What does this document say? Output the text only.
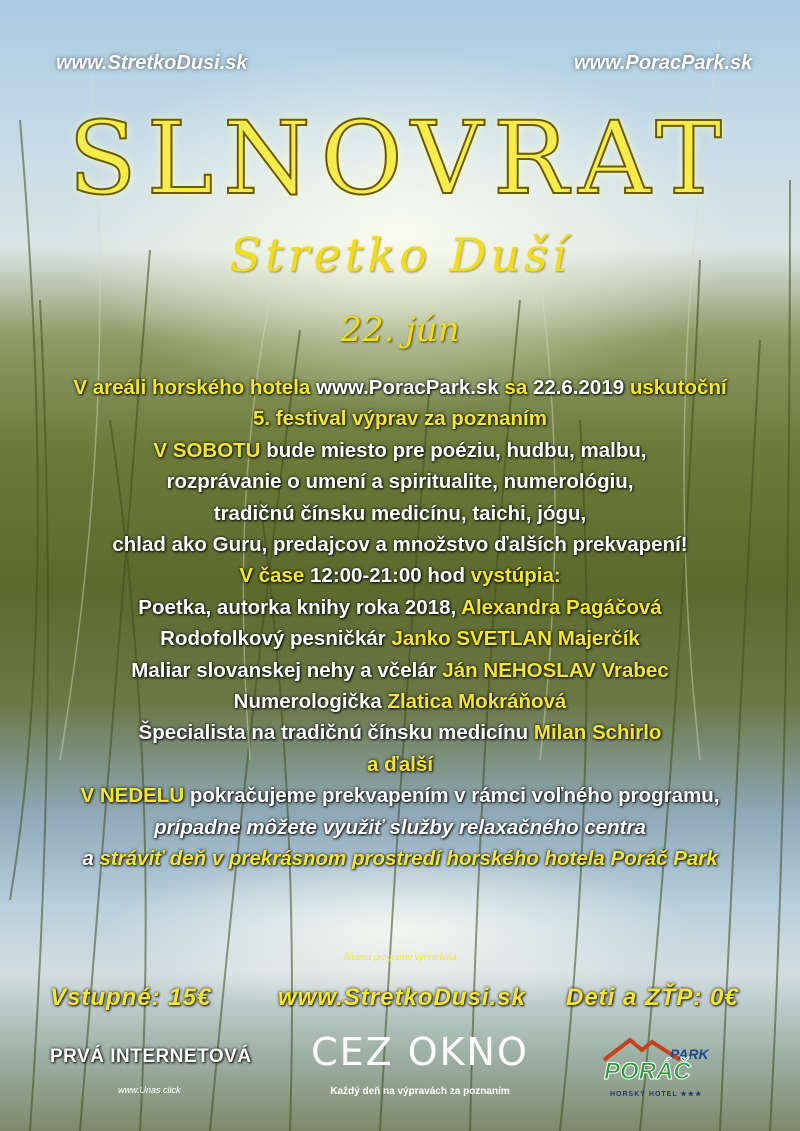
www.StretkoDusi.sk	www.PoracPark.sk
SLNOVRAT
Stretko Duší
22. jún
V areáli horského hotela www.PoracPark.sk sa 22.6.2019 uskutoční
5. festival výprav za poznaním
V SOBOTU bude miesto pre poéziu, hudbu, malbu,
rozprávanie o umení a spiritualite, numerológiu,
tradičnú čínsku medicínu, taichi, jógu,
chlad ako Guru, predajcov a množstvo ďalších prekvapení!
V čase 12:00-21:00 hod vystúpia:
Poetka, autorka knihy roka 2018, Alexandra Pagáčová
Rodofolkový pesničkár Janko SVETLAN Majerčík
Maliar slovanskej nehy a včelár Ján NEHOSLAV Vrabec
Numerologička Zlatica Mokráňová
Špecialista na tradičnú čínsku medicínu Milan Schirlo
a ďalší
V NEDELU pokračujeme prekvapením v rámci voľného programu,
prípadne môžete využiť služby relaxačného centra
a stráviť deň v prekrásnom prostredí horského hotela Poráč Park
Zmena programu vyhradená
Vstupné: 15€	www.StretkoDusi.sk Deti a ZŤP: 0€
PRVÁ INTERNETOVÁ
www.Unas.click
CEZ OKNO
Každý deň na výpravách za poznaním
PARK
PORÁČ
HORSKÝ HOTEL ★★★
